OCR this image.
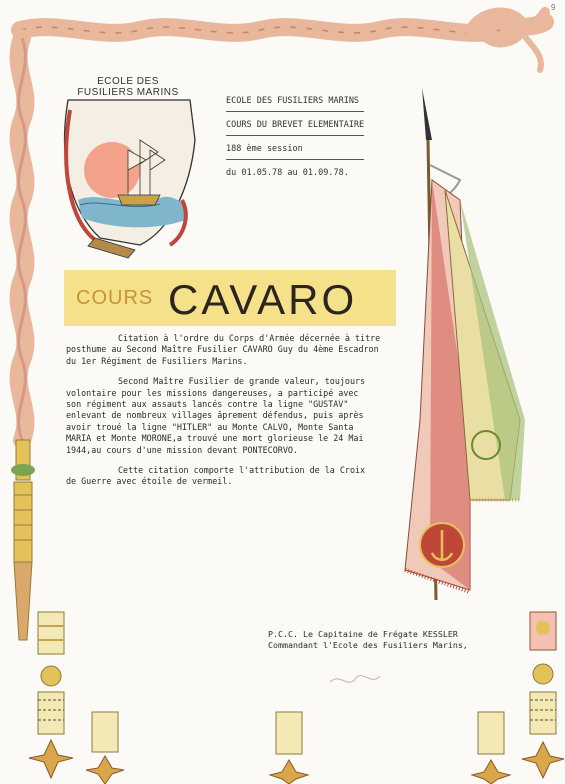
9
ECOLE DES
FUSILIERS MARINS
ECOLE DES FUSILIERS MARINS
COURS DU BREVET ELEMENTAIRE
188 ème session
du 01.05.78 au 01.09.78.
COURS CAVARO

Citation à l'ordre du Corps d'Armée décernée à titre
posthume au Second Maître Fusilier CAVARO Guy du 4ème Escadron
du 1er Régiment de Fusiliers Marins.

Second Maître Fusilier de grande valeur, toujours
volontaire pour les missions dangereuses, a participé avec
son régiment aux assauts lancés contre la ligne "GUSTAV"
enlevant de nombreux villages âprement défendus, puis après
avoir troué la ligne "HITLER" au Monte CALVO, Monte Santa
MARIA et Monte MORONE,a trouvé une mort glorieuse le 24 Mai
1944,au cours d'une mission devant PONTECORVO.

Cette citation comporte l'attribution de la Croix
de Guerre avec étoile de vermeil.

P.C.C. Le Capitaine de Frégate KESSLER
Commandant l'Ecole des Fusiliers Marins,
